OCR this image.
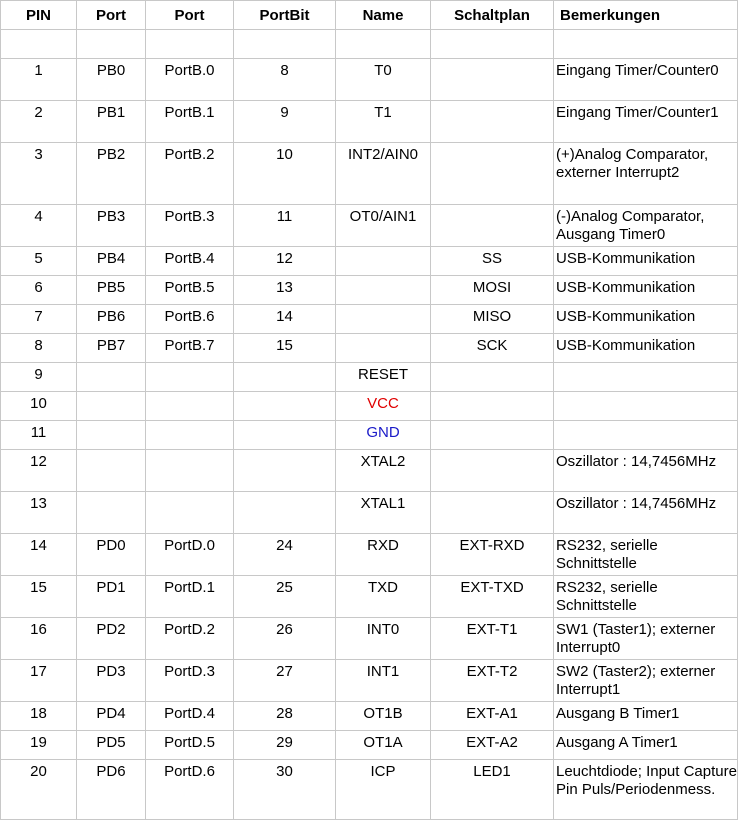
PIN	Port	Port	PortBit	Name	Schaltplan	Bemerkungen

1	PB0	PortB.0	8	T0		Eingang Timer/Counter0
2	PB1	PortB.1	9	T1		Eingang Timer/Counter1
3	PB2	PortB.2	10	INT2/AIN0		(+)Analog Comparator, externer Interrupt2
4	PB3	PortB.3	11	OT0/AIN1		(-)Analog Comparator, Ausgang Timer0
5	PB4	PortB.4	12		SS	USB-Kommunikation
6	PB5	PortB.5	13		MOSI	USB-Kommunikation
7	PB6	PortB.6	14		MISO	USB-Kommunikation
8	PB7	PortB.7	15		SCK	USB-Kommunikation
9				RESET		
10				VCC		
11				GND		
12				XTAL2		Oszillator : 14,7456MHz
13				XTAL1		Oszillator : 14,7456MHz
14	PD0	PortD.0	24	RXD	EXT-RXD	RS232, serielle Schnittstelle
15	PD1	PortD.1	25	TXD	EXT-TXD	RS232, serielle Schnittstelle
16	PD2	PortD.2	26	INT0	EXT-T1	SW1 (Taster1); externer Interrupt0
17	PD3	PortD.3	27	INT1	EXT-T2	SW2 (Taster2); externer Interrupt1
18	PD4	PortD.4	28	OT1B	EXT-A1	Ausgang B Timer1
19	PD5	PortD.5	29	OT1A	EXT-A2	Ausgang A Timer1
20	PD6	PortD.6	30	ICP	LED1	Leuchtdiode; Input Capture Pin Puls/Periodenmess.
